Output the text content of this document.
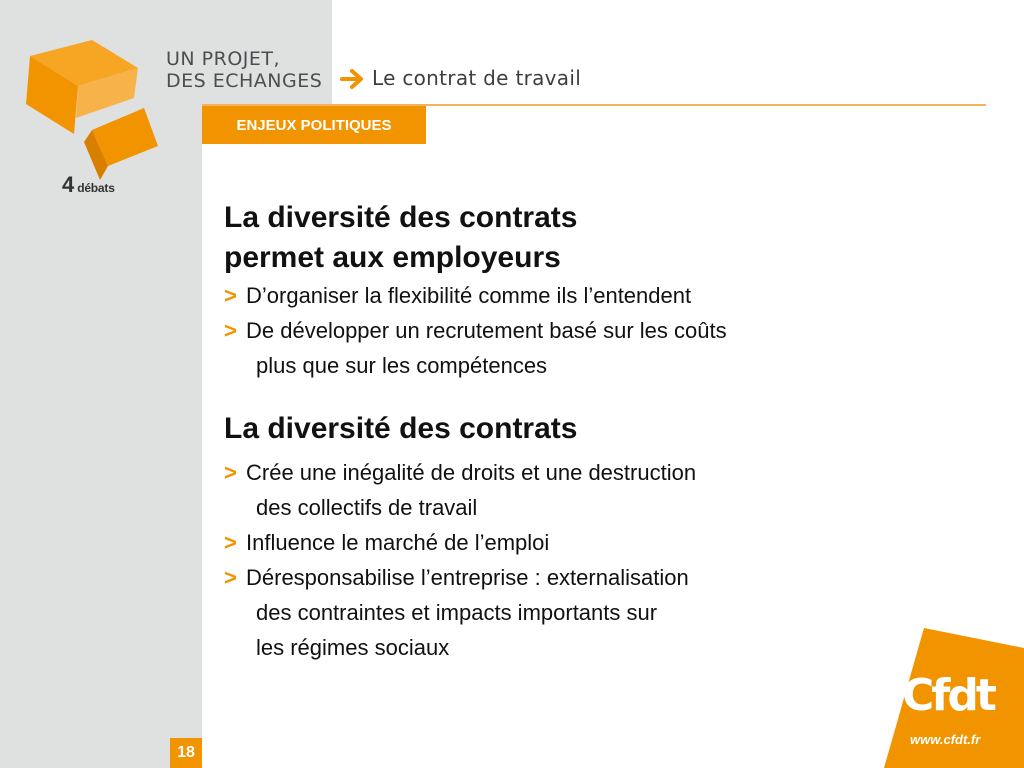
4 débats
UN PROJET,
DES ECHANGES Le contrat de travail
ENJEUX POLITIQUES
La diversité des contrats
permet aux employeurs

> D’organiser la flexibilité comme ils l’entendent

> De développer un recrutement basé sur les coûts
plus que sur les compétences

La diversité des contrats

> Crée une inégalité de droits et une destruction
des collectifs de travail

> Influence le marché de l’emploi

> Déresponsabilise l’entreprise : externalisation
des contraintes et impacts importants sur
les régimes sociaux

18
Cfdt
www.cfdt.fr
